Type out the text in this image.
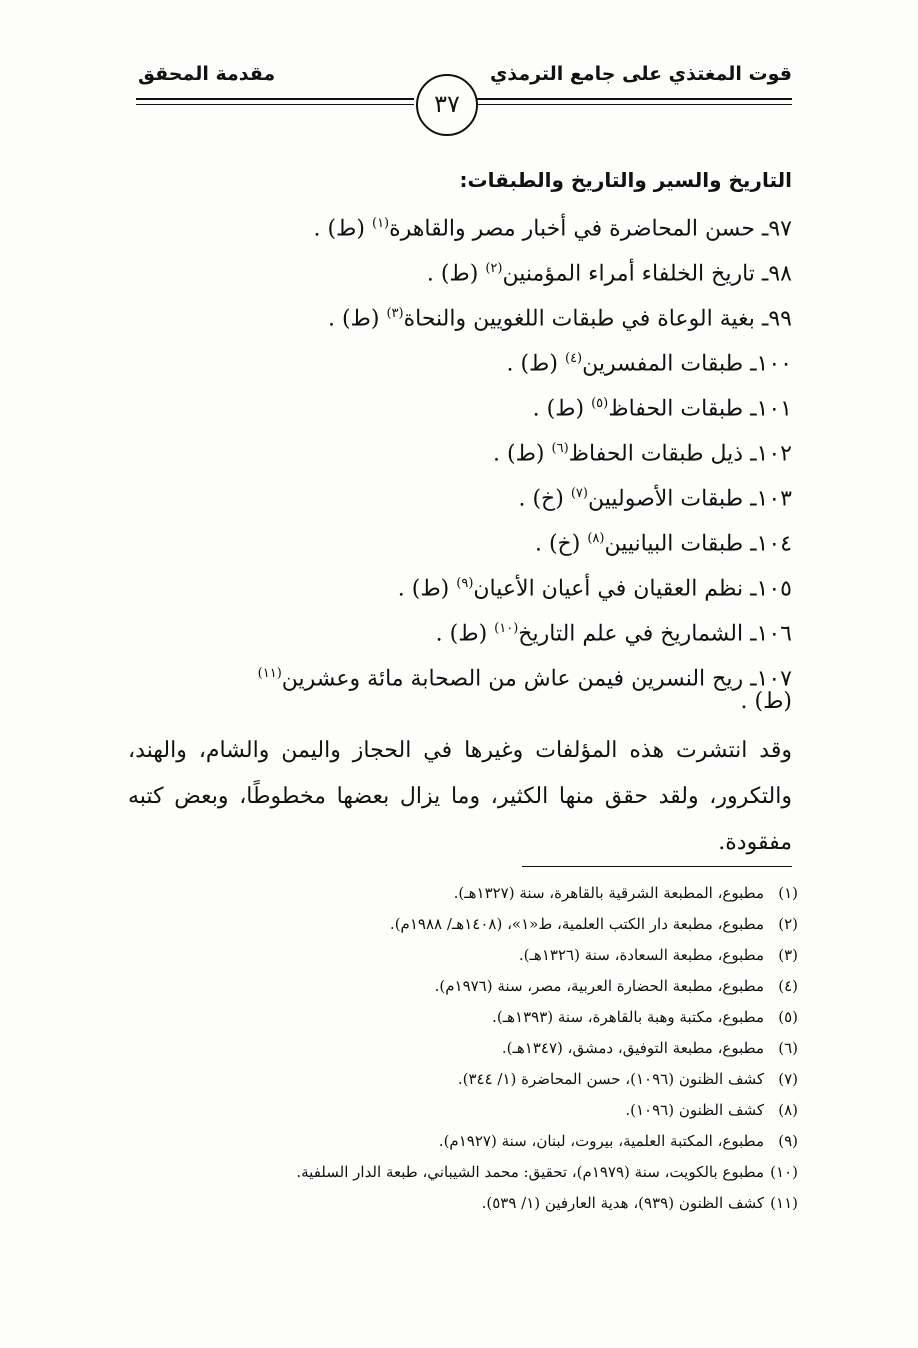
قوت المغتذي على جامع الترمذي
مقدمة المحقق
٣٧
التاريخ والسير والتاريخ والطبقات:
٩٧ـ حسن المحاضرة في أخبار مصر والقاهرة$^{(١)}$ (ط) .
٩٨ـ تاريخ الخلفاء أمراء المؤمنين$^{(٢)}$ (ط) .
٩٩ـ بغية الوعاة في طبقات اللغويين والنحاة$^{(٣)}$ (ط) .
١٠٠ـ طبقات المفسرين$^{(٤)}$ (ط) .
١٠١ـ طبقات الحفاظ$^{(٥)}$ (ط) .
١٠٢ـ ذيل طبقات الحفاظ$^{(٦)}$ (ط) .
١٠٣ـ طبقات الأصوليين$^{(٧)}$ (خ) .
١٠٤ـ طبقات البيانيين$^{(٨)}$ (خ) .
١٠٥ـ نظم العقيان في أعيان الأعيان$^{(٩)}$ (ط) .
١٠٦ـ الشماريخ في علم التاريخ$^{(١٠)}$ (ط) .
١٠٧ـ ريح النسرين فيمن عاش من الصحابة مائة وعشرين$^{(١١)}$
(ط) .
وقد انتشرت هذه المؤلفات وغيرها في الحجاز واليمن والشام، والهند، والتكرور، ولقد حقق منها الكثير، وما يزال بعضها مخطوطًا، وبعض كتبه مفقودة.
(١)مطبوع، المطبعة الشرقية بالقاهرة، سنة (١٣٢٧هـ).
(٢)مطبوع، مطبعة دار الكتب العلمية، ط«١»، (١٤٠٨هـ/ ١٩٨٨م).
(٣)مطبوع، مطبعة السعادة، سنة (١٣٢٦هـ).
(٤)مطبوع، مطبعة الحضارة العربية، مصر، سنة (١٩٧٦م).
(٥)مطبوع، مكتبة وهبة بالقاهرة، سنة (١٣٩٣هـ).
(٦)مطبوع، مطبعة التوفيق، دمشق، (١٣٤٧هـ).
(٧)كشف الظنون (١٠٩٦)، حسن المحاضرة (١/ ٣٤٤).
(٨)كشف الظنون (١٠٩٦).
(٩)مطبوع، المكتبة العلمية، بيروت، لبنان، سنة (١٩٢٧م).
(١٠)مطبوع بالكويت، سنة (١٩٧٩م)، تحقيق: محمد الشيباني، طبعة الدار السلفية.
(١١)كشف الظنون (٩٣٩)، هدية العارفين (١/ ٥٣٩).
